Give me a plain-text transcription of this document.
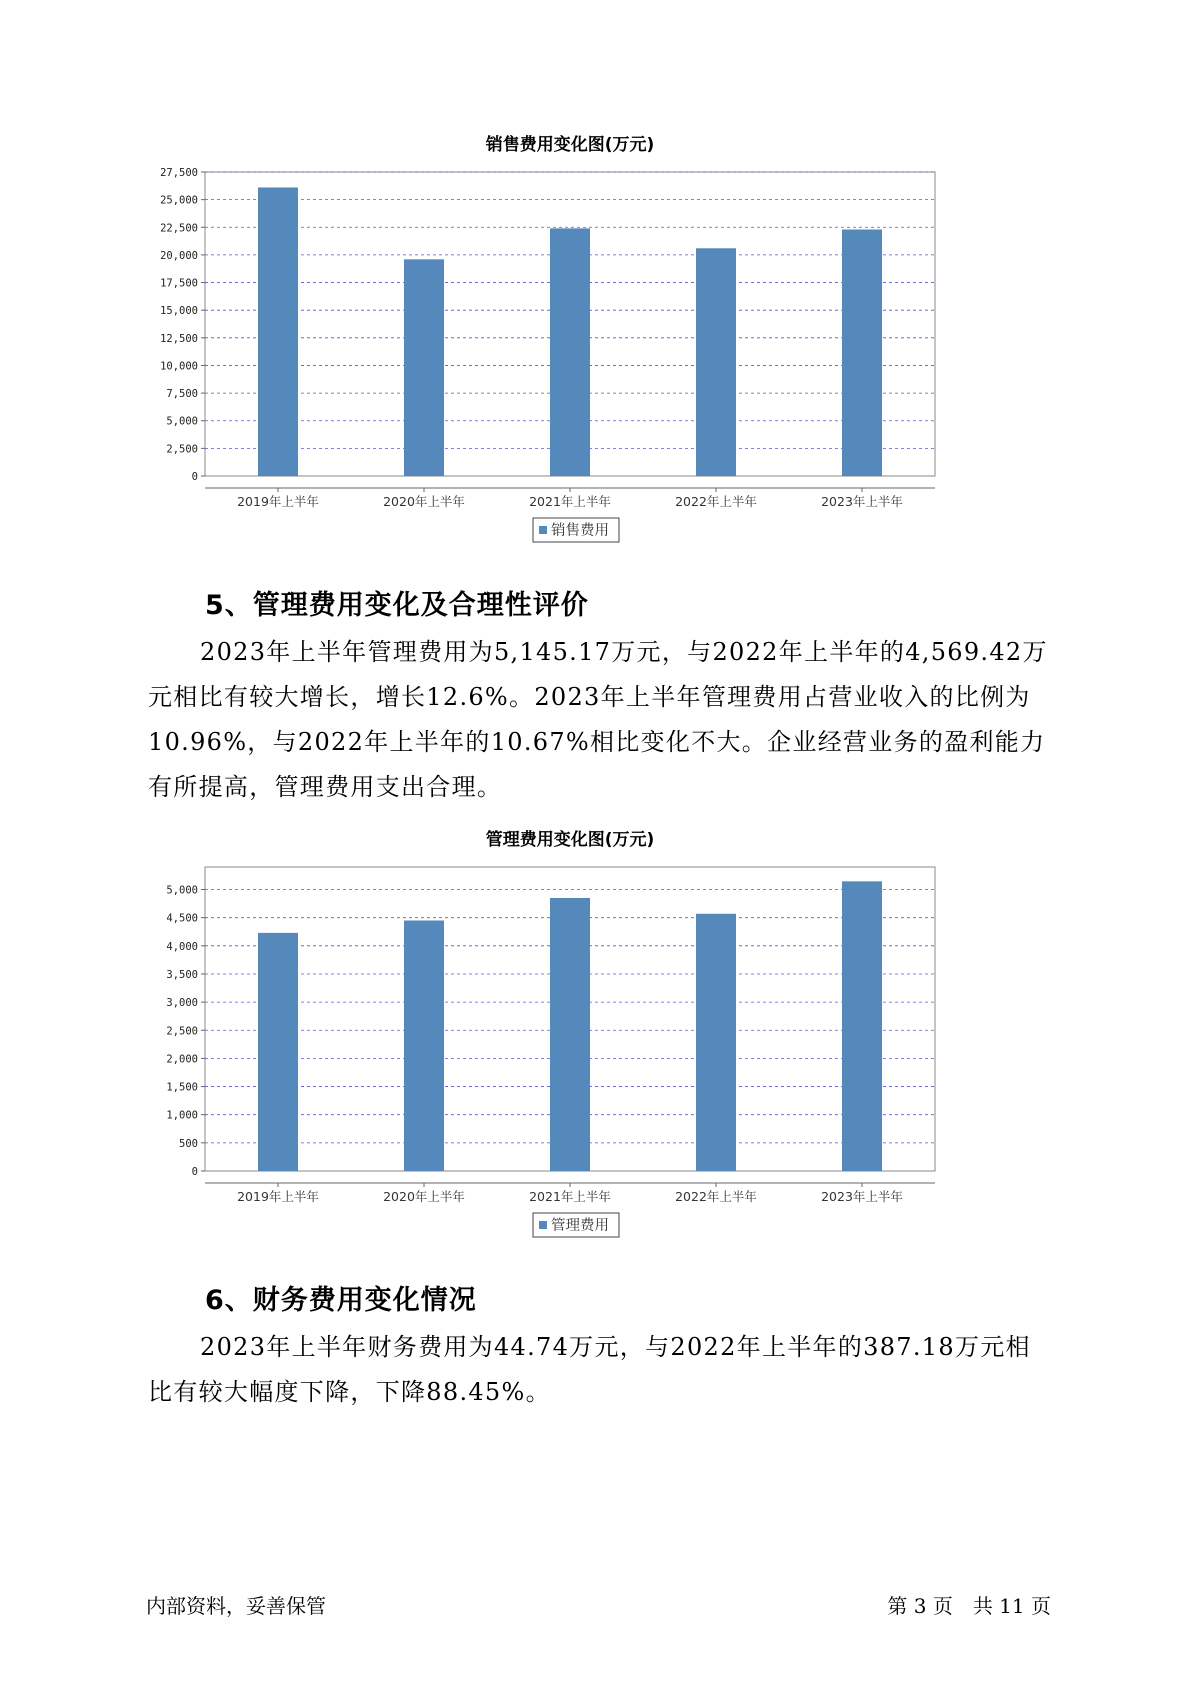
销售费用变化图(万元)
0
2,500
5,000
7,500
10,000
12,500
15,000
17,500
20,000
22,500
25,000
27,500
2019年上半年	2020年上半年	2021年上半年	2022年上半年	2023年上半年
销售费用
5、管理费用变化及合理性评价

2023年上半年管理费用为5,145.17万元，与2022年上半年的4,569.42万元相比有较大增长，增长12.6%。2023年上半年管理费用占营业收入的比例为10.96%，与2022年上半年的10.67%相比变化不大。企业经营业务的盈利能力有所提高，管理费用支出合理。

管理费用变化图(万元)
0
500
1,000
1,500
2,000
2,500
3,000
3,500
4,000
4,500
5,000
2019年上半年	2020年上半年	2021年上半年	2022年上半年	2023年上半年
管理费用
6、财务费用变化情况

2023年上半年财务费用为44.74万元，与2022年上半年的387.18万元相比有较大幅度下降，下降88.45%。

内部资料，妥善保管	第 3 页　共 11 页
